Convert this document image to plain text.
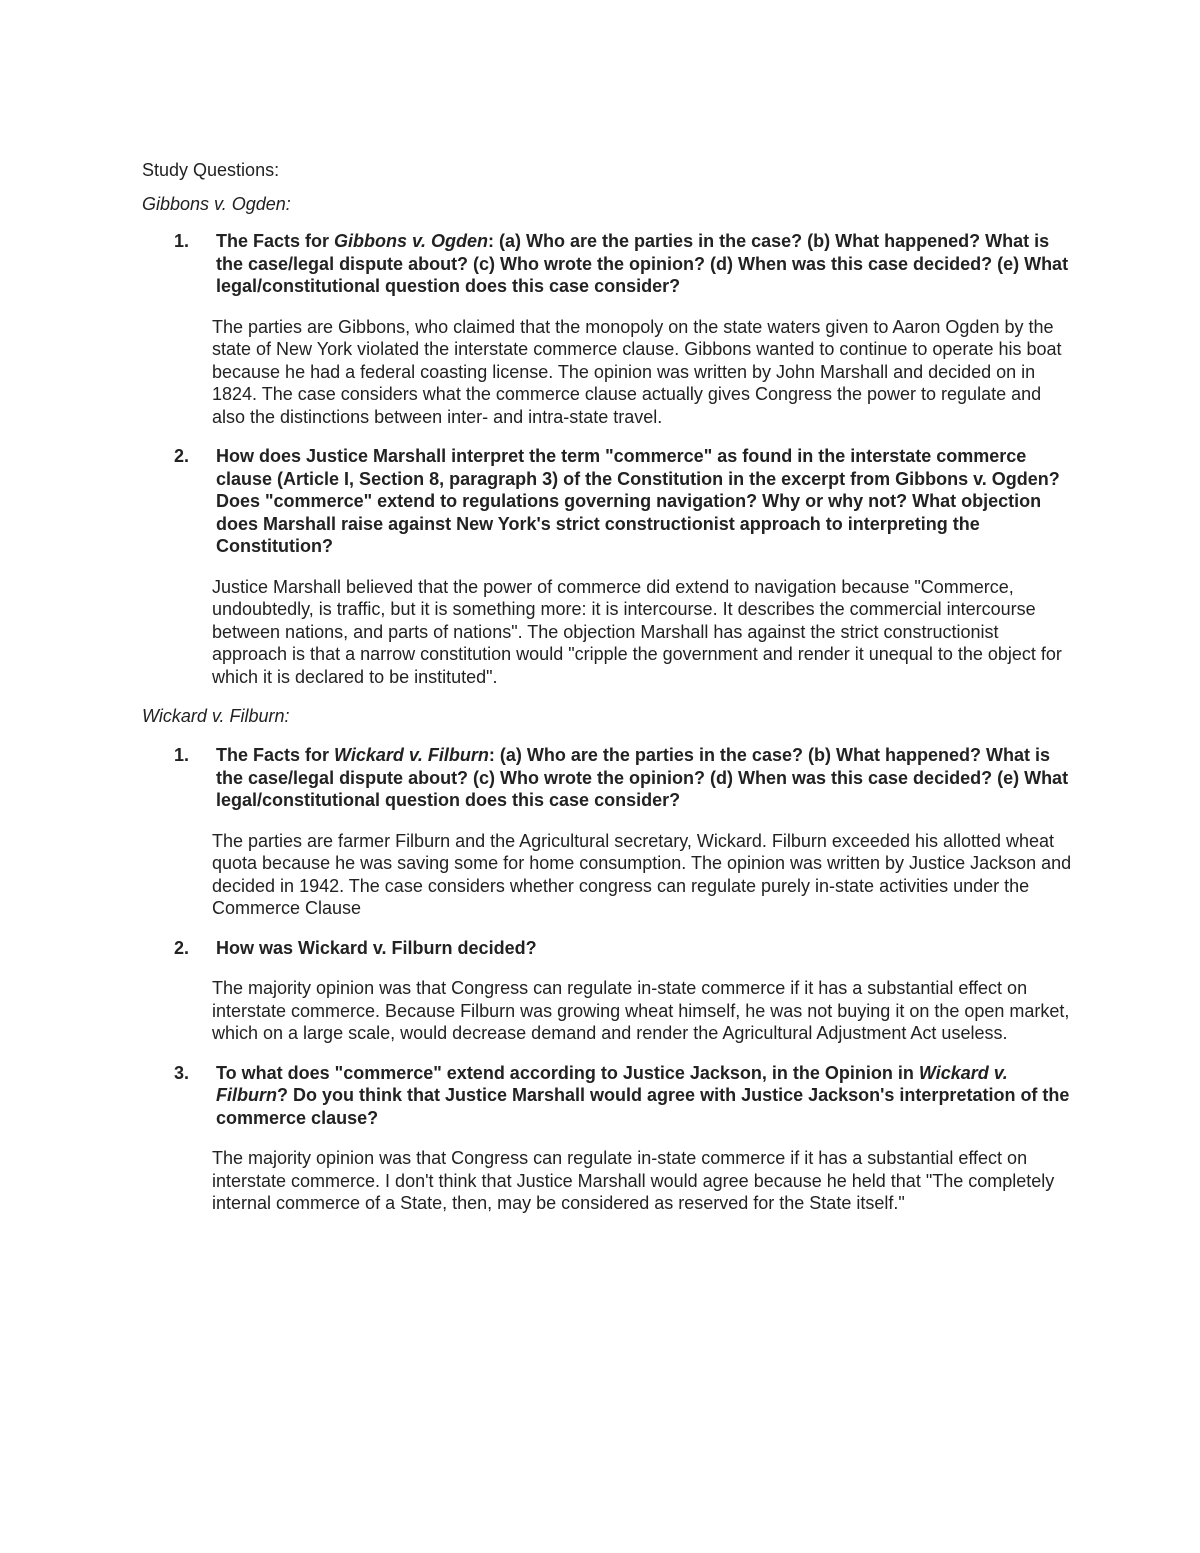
Study Questions:

Gibbons v. Ogden:

1. The Facts for Gibbons v. Ogden: (a) Who are the parties in the case? (b) What happened? What is the case/legal dispute about? (c) Who wrote the opinion? (d) When was this case decided? (e) What legal/constitutional question does this case consider?

The parties are Gibbons, who claimed that the monopoly on the state waters given to Aaron Ogden by the state of New York violated the interstate commerce clause. Gibbons wanted to continue to operate his boat because he had a federal coasting license. The opinion was written by John Marshall and decided on in 1824. The case considers what the commerce clause actually gives Congress the power to regulate and also the distinctions between inter- and intra-state travel.

2. How does Justice Marshall interpret the term "commerce" as found in the interstate commerce clause (Article I, Section 8, paragraph 3) of the Constitution in the excerpt from Gibbons v. Ogden? Does "commerce" extend to regulations governing navigation? Why or why not? What objection does Marshall raise against New York's strict constructionist approach to interpreting the Constitution?

Justice Marshall believed that the power of commerce did extend to navigation because "Commerce, undoubtedly, is traffic, but it is something more: it is intercourse. It describes the commercial intercourse between nations, and parts of nations". The objection Marshall has against the strict constructionist approach is that a narrow constitution would "cripple the government and render it unequal to the object for which it is declared to be instituted".

Wickard v. Filburn:

1. The Facts for Wickard v. Filburn: (a) Who are the parties in the case? (b) What happened? What is the case/legal dispute about? (c) Who wrote the opinion? (d) When was this case decided? (e) What legal/constitutional question does this case consider?

The parties are farmer Filburn and the Agricultural secretary, Wickard. Filburn exceeded his allotted wheat quota because he was saving some for home consumption. The opinion was written by Justice Jackson and decided in 1942. The case considers whether congress can regulate purely in-state activities under the Commerce Clause

2. How was Wickard v. Filburn decided?

The majority opinion was that Congress can regulate in-state commerce if it has a substantial effect on interstate commerce. Because Filburn was growing wheat himself, he was not buying it on the open market, which on a large scale, would decrease demand and render the Agricultural Adjustment Act useless.

3. To what does "commerce" extend according to Justice Jackson, in the Opinion in Wickard v. Filburn? Do you think that Justice Marshall would agree with Justice Jackson's interpretation of the commerce clause?

The majority opinion was that Congress can regulate in-state commerce if it has a substantial effect on interstate commerce. I don't think that Justice Marshall would agree because he held that "The completely internal commerce of a State, then, may be considered as reserved for the State itself."
